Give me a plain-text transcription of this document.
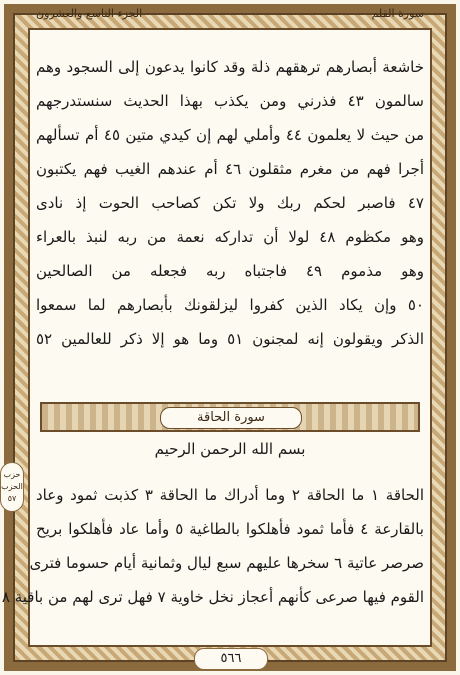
الجزء التاسع والعشرون	سورة القلم
خاشعة أبصارهم ترهقهم ذلة وقد كانوا يدعون إلى السجود وهم
سالمون ٤٣ فذرني ومن يكذب بهذا الحديث سنستدرجهم
من حيث لا يعلمون ٤٤ وأملي لهم إن كيدي متين ٤٥ أم تسألهم
أجرا فهم من مغرم مثقلون ٤٦ أم عندهم الغيب فهم يكتبون
٤٧ فاصبر لحكم ربك ولا تكن كصاحب الحوت إذ نادى
وهو مكظوم ٤٨ لولا أن تداركه نعمة من ربه لنبذ بالعراء
وهو مذموم ٤٩ فاجتباه ربه فجعله من الصالحين
٥٠ وإن يكاد الذين كفروا ليزلقونك بأبصارهم لما سمعوا
الذكر ويقولون إنه لمجنون ٥١ وما هو إلا ذكر للعالمين ٥٢
سورة الحاقة
بسم الله الرحمن الرحيم
الحاقة ١ ما الحاقة ٢ وما أدراك ما الحاقة ٣ كذبت ثمود وعاد
بالقارعة ٤ فأما ثمود فأهلكوا بالطاغية ٥ وأما عاد فأهلكوا بريح
صرصر عاتية ٦ سخرها عليهم سبع ليال وثمانية أيام حسوما فترى
القوم فيها صرعى كأنهم أعجاز نخل خاوية ٧ فهل ترى لهم من باقية ٨
حزب
الحزب
٥٧
٥٦٦
